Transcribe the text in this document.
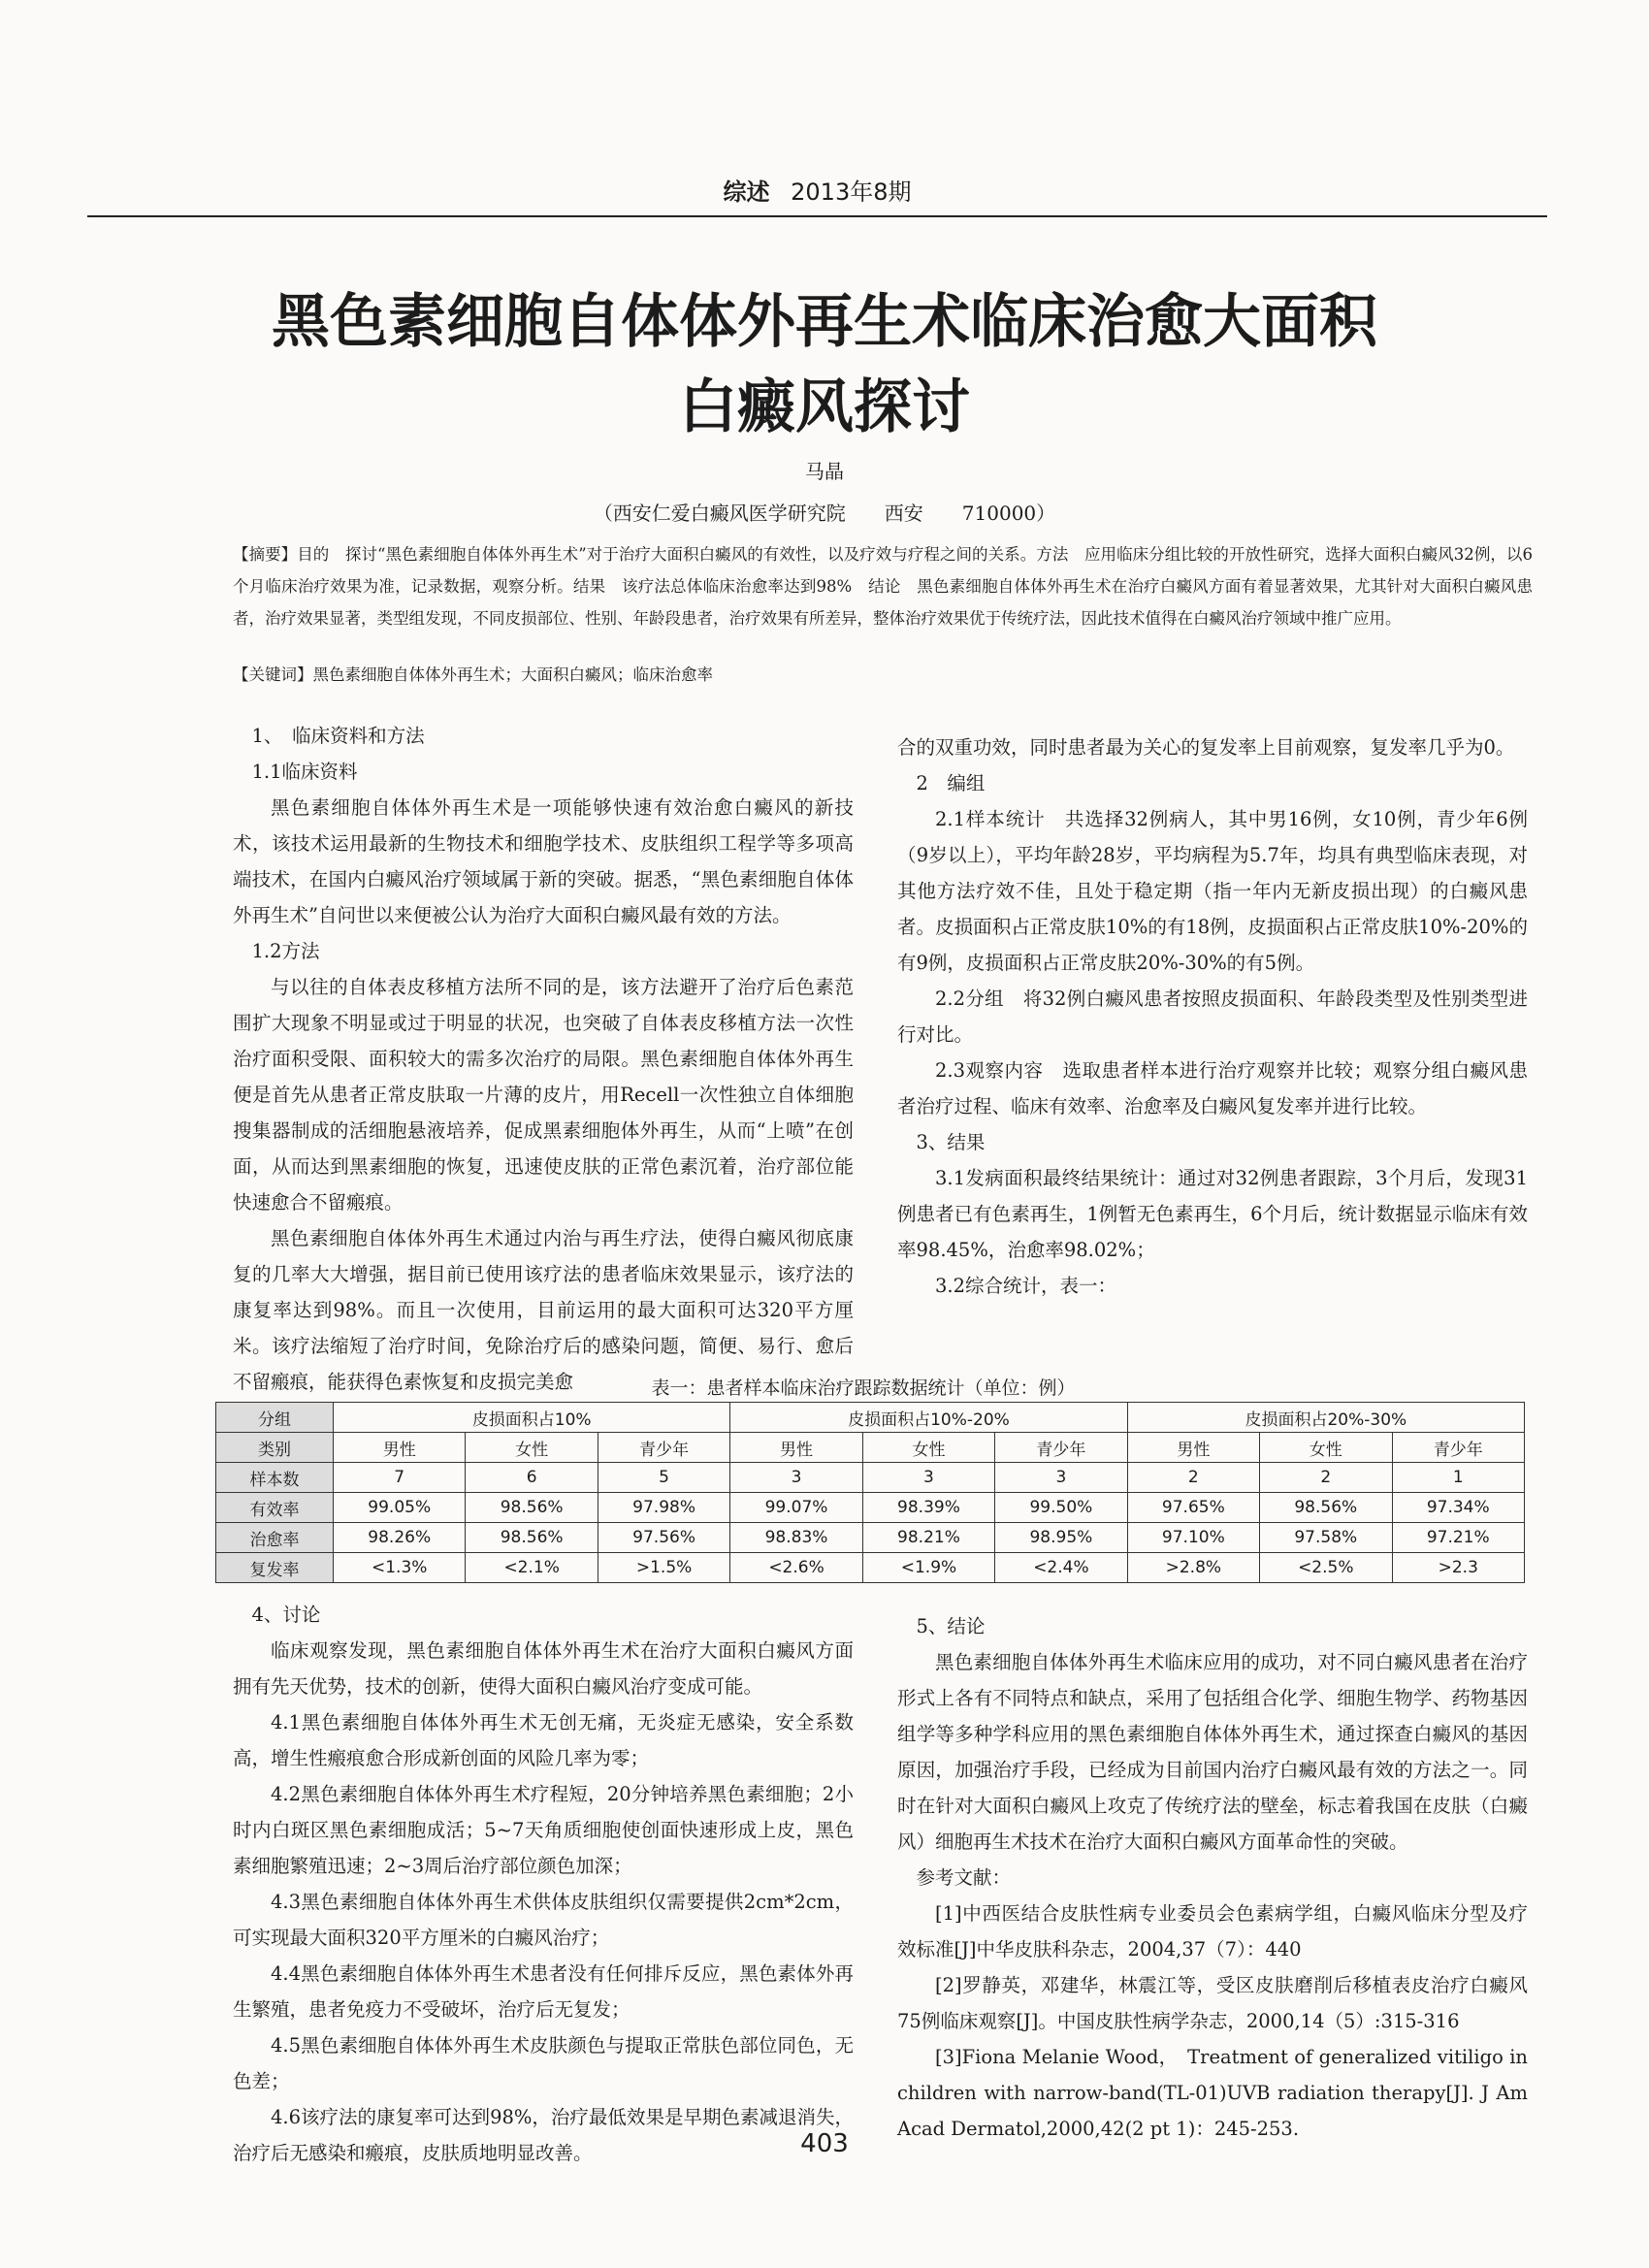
综述 2013年8期
黑色素细胞自体体外再生术临床治愈大面积
白癜风探讨
马晶
（西安仁爱白癜风医学研究院　　西安　　710000）
【摘要】目的　探讨“黑色素细胞自体体外再生术”对于治疗大面积白癜风的有效性，以及疗效与疗程之间的关系。方法　应用临床分组比较的开放性研究，选择大面积白癜风32例，以6个月临床治疗效果为准，记录数据，观察分析。结果　该疗法总体临床治愈率达到98%　结论　黑色素细胞自体体外再生术在治疗白癜风方面有着显著效果，尤其针对大面积白癜风患者，治疗效果显著，类型组发现，不同皮损部位、性别、年龄段患者，治疗效果有所差异，整体治疗效果优于传统疗法，因此技术值得在白癜风治疗领域中推广应用。
【关键词】黑色素细胞自体体外再生术；大面积白癜风；临床治愈率

1、　临床资料和方法

1.1临床资料

黑色素细胞自体体外再生术是一项能够快速有效治愈白癜风的新技术，该技术运用最新的生物技术和细胞学技术、皮肤组织工程学等多项高端技术，在国内白癜风治疗领域属于新的突破。据悉，“黑色素细胞自体体外再生术”自问世以来便被公认为治疗大面积白癜风最有效的方法。

1.2方法

与以往的自体表皮移植方法所不同的是，该方法避开了治疗后色素范围扩大现象不明显或过于明显的状况，也突破了自体表皮移植方法一次性治疗面积受限、面积较大的需多次治疗的局限。黑色素细胞自体体外再生便是首先从患者正常皮肤取一片薄的皮片，用Recell一次性独立自体细胞搜集器制成的活细胞悬液培养，促成黑素细胞体外再生，从而“上喷”在创面，从而达到黑素细胞的恢复，迅速使皮肤的正常色素沉着，治疗部位能快速愈合不留瘢痕。

黑色素细胞自体体外再生术通过内治与再生疗法，使得白癜风彻底康复的几率大大增强，据目前已使用该疗法的患者临床效果显示，该疗法的康复率达到98%。而且一次使用，目前运用的最大面积可达320平方厘米。该疗法缩短了治疗时间，免除治疗后的感染问题，简便、易行、愈后不留瘢痕，能获得色素恢复和皮损完美愈

合的双重功效，同时患者最为关心的复发率上目前观察，复发率几乎为0。

2　编组

2.1样本统计　共选择32例病人，其中男16例，女10例，青少年6例（9岁以上），平均年龄28岁，平均病程为5.7年，均具有典型临床表现，对其他方法疗效不佳，且处于稳定期（指一年内无新皮损出现）的白癜风患者。皮损面积占正常皮肤10%的有18例，皮损面积占正常皮肤10%-20%的有9例，皮损面积占正常皮肤20%-30%的有5例。

2.2分组　将32例白癜风患者按照皮损面积、年龄段类型及性别类型进行对比。

2.3观察内容　选取患者样本进行治疗观察并比较；观察分组白癜风患者治疗过程、临床有效率、治愈率及白癜风复发率并进行比较。

3、结果

3.1发病面积最终结果统计：通过对32例患者跟踪，3个月后，发现31例患者已有色素再生，1例暂无色素再生，6个月后，统计数据显示临床有效率98.45%，治愈率98.02%；

3.2综合统计，表一：

表一：患者样本临床治疗跟踪数据统计（单位：例）
分组	皮损面积占10%			皮损面积占10%-20%			皮损面积占20%-30%		
类别	男性	女性	青少年	男性	女性	青少年	男性	女性	青少年
样本数	7	6	5	3	3	3	2	2	1
有效率	99.05%	98.56%	97.98%	99.07%	98.39%	99.50%	97.65%	98.56%	97.34%
治愈率	98.26%	98.56%	97.56%	98.83%	98.21%	98.95%	97.10%	97.58%	97.21%
复发率	<1.3%	<2.1%	>1.5%	<2.6%	<1.9%	<2.4%	>2.8%	<2.5%	>2.3

4、讨论

临床观察发现，黑色素细胞自体体外再生术在治疗大面积白癜风方面拥有先天优势，技术的创新，使得大面积白癜风治疗变成可能。

4.1黑色素细胞自体体外再生术无创无痛，无炎症无感染，安全系数高，增生性瘢痕愈合形成新创面的风险几率为零；

4.2黑色素细胞自体体外再生术疗程短，20分钟培养黑色素细胞；2小时内白斑区黑色素细胞成活；5~7天角质细胞使创面快速形成上皮，黑色素细胞繁殖迅速；2~3周后治疗部位颜色加深；

4.3黑色素细胞自体体外再生术供体皮肤组织仅需要提供2cm*2cm，可实现最大面积320平方厘米的白癜风治疗；

4.4黑色素细胞自体体外再生术患者没有任何排斥反应，黑色素体外再生繁殖，患者免疫力不受破坏，治疗后无复发；

4.5黑色素细胞自体体外再生术皮肤颜色与提取正常肤色部位同色，无色差；

4.6该疗法的康复率可达到98%，治疗最低效果是早期色素减退消失，治疗后无感染和瘢痕，皮肤质地明显改善。

5、结论

黑色素细胞自体体外再生术临床应用的成功，对不同白癜风患者在治疗形式上各有不同特点和缺点，采用了包括组合化学、细胞生物学、药物基因组学等多种学科应用的黑色素细胞自体体外再生术，通过探查白癜风的基因原因，加强治疗手段，已经成为目前国内治疗白癜风最有效的方法之一。同时在针对大面积白癜风上攻克了传统疗法的壁垒，标志着我国在皮肤（白癜风）细胞再生术技术在治疗大面积白癜风方面革命性的突破。

参考文献：

[1]中西医结合皮肤性病专业委员会色素病学组，白癜风临床分型及疗效标准[J]中华皮肤科杂志，2004,37（7）：440

[2]罗静英，邓建华，林震江等，受区皮肤磨削后移植表皮治疗白癜风75例临床观察[J]。中国皮肤性病学杂志，2000,14（5）:315-316

[3]Fiona Melanie Wood，　Treatment of generalized vitiligo in children with narrow-band(TL-01)UVB radiation therapy[J]. J Am Acad Dermatol,2000,42(2 pt 1)：245-253.

403
